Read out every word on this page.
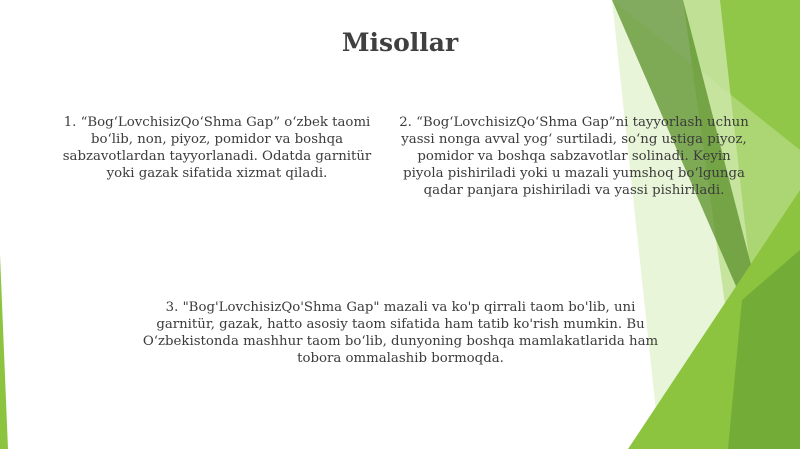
Misollar

1. “Bog‘LovchisizQo‘Shma Gap” o‘zbek taomi bo‘lib, non, piyoz, pomidor va boshqa sabzavotlardan tayyorlanadi. Odatda garnitür yoki gazak sifatida xizmat qiladi.

2. “Bog‘LovchisizQo‘Shma Gap”ni tayyorlash uchun yassi nonga avval yog‘ surtiladi, so‘ng ustiga piyoz, pomidor va boshqa sabzavotlar solinadi. Keyin piyola pishiriladi yoki u mazali yumshoq bo‘lgunga qadar panjara pishiriladi va yassi pishiriladi.

3. "Bog'LovchisizQo'Shma Gap" mazali va ko'p qirrali taom bo'lib, uni garnitür, gazak, hatto asosiy taom sifatida ham tatib ko'rish mumkin. Bu O‘zbekistonda mashhur taom bo‘lib, dunyoning boshqa mamlakatlarida ham tobora ommalashib bormoqda.
